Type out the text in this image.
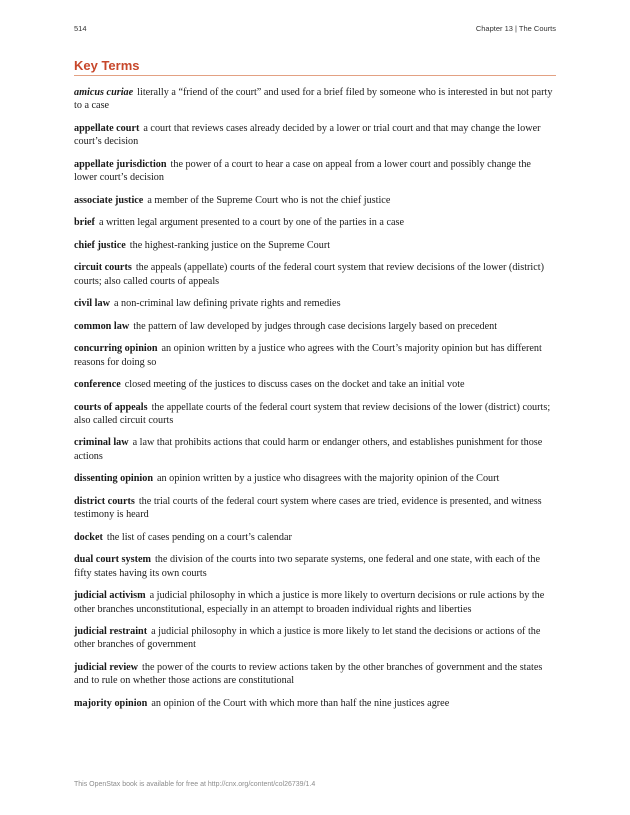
514	Chapter 13 | The Courts
Key Terms

amicus curiae literally a “friend of the court” and used for a brief filed by someone who is interested in but not party to a case

appellate court a court that reviews cases already decided by a lower or trial court and that may change the lower court’s decision

appellate jurisdiction the power of a court to hear a case on appeal from a lower court and possibly change the lower court’s decision

associate justice a member of the Supreme Court who is not the chief justice

brief a written legal argument presented to a court by one of the parties in a case

chief justice the highest-ranking justice on the Supreme Court

circuit courts the appeals (appellate) courts of the federal court system that review decisions of the lower (district) courts; also called courts of appeals

civil law a non-criminal law defining private rights and remedies

common law the pattern of law developed by judges through case decisions largely based on precedent

concurring opinion an opinion written by a justice who agrees with the Court’s majority opinion but has different reasons for doing so

conference closed meeting of the justices to discuss cases on the docket and take an initial vote

courts of appeals the appellate courts of the federal court system that review decisions of the lower (district) courts; also called circuit courts

criminal law a law that prohibits actions that could harm or endanger others, and establishes punishment for those actions

dissenting opinion an opinion written by a justice who disagrees with the majority opinion of the Court

district courts the trial courts of the federal court system where cases are tried, evidence is presented, and witness testimony is heard

docket the list of cases pending on a court’s calendar

dual court system the division of the courts into two separate systems, one federal and one state, with each of the fifty states having its own courts

judicial activism a judicial philosophy in which a justice is more likely to overturn decisions or rule actions by the other branches unconstitutional, especially in an attempt to broaden individual rights and liberties

judicial restraint a judicial philosophy in which a justice is more likely to let stand the decisions or actions of the other branches of government

judicial review the power of the courts to review actions taken by the other branches of government and the states and to rule on whether those actions are constitutional

majority opinion an opinion of the Court with which more than half the nine justices agree

This OpenStax book is available for free at http://cnx.org/content/col26739/1.4
